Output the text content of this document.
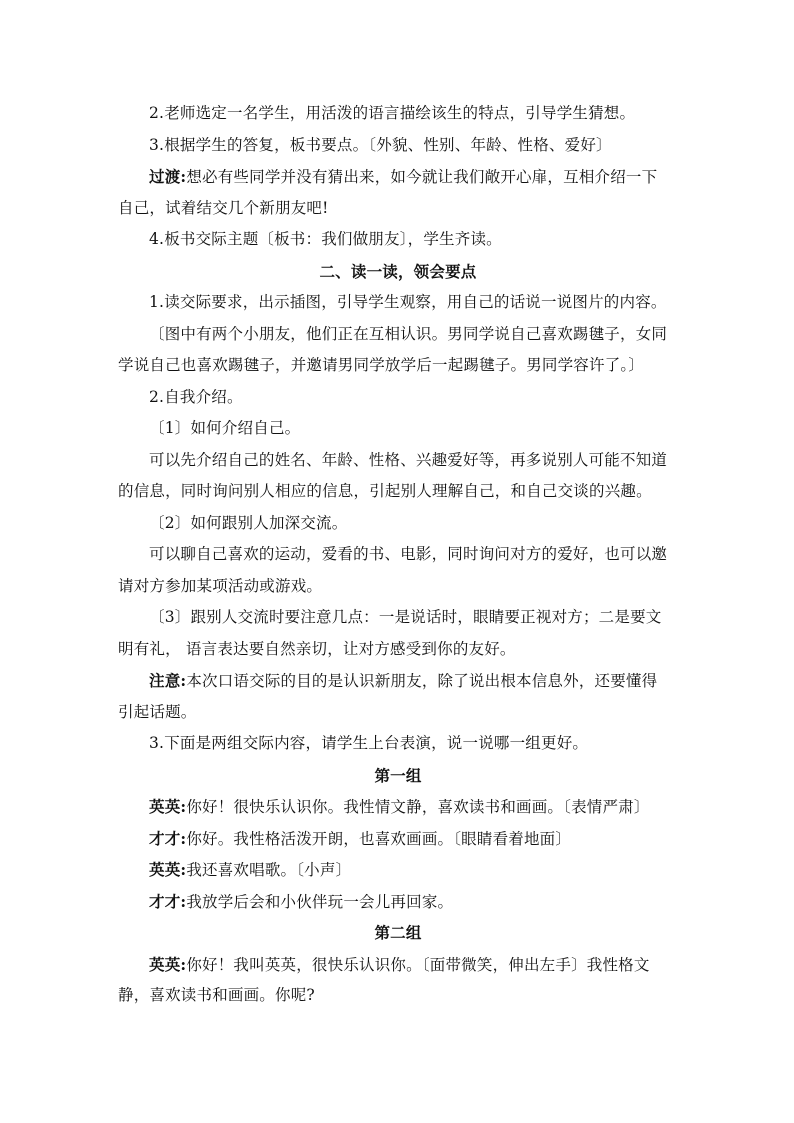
2.老师选定一名学生，用活泼的语言描绘该生的特点，引导学生猜想。
3.根据学生的答复，板书要点。〔外貌、性别、年龄、性格、爱好〕
过渡:想必有些同学并没有猜出来，如今就让我们敞开心扉，互相介绍一下
自己，试着结交几个新朋友吧!
4.板书交际主题〔板书：我们做朋友〕，学生齐读。
二、读一读，领会要点
1.读交际要求，出示插图，引导学生观察，用自己的话说一说图片的内容。
〔图中有两个小朋友，他们正在互相认识。男同学说自己喜欢踢毽子，女同
学说自己也喜欢踢毽子，并邀请男同学放学后一起踢毽子。男同学容许了。〕
2.自我介绍。
〔1〕如何介绍自己。
可以先介绍自己的姓名、年龄、性格、兴趣爱好等，再多说别人可能不知道
的信息，同时询问别人相应的信息，引起别人理解自己，和自己交谈的兴趣。
〔2〕如何跟别人加深交流。
可以聊自己喜欢的运动，爱看的书、电影，同时询问对方的爱好，也可以邀
请对方参加某项活动或游戏。
〔3〕跟别人交流时要注意几点：一是说话时，眼睛要正视对方；二是要文
明有礼， 语言表达要自然亲切，让对方感受到你的友好。
注意:本次口语交际的目的是认识新朋友，除了说出根本信息外，还要懂得
引起话题。
3.下面是两组交际内容，请学生上台表演，说一说哪一组更好。
第一组
英英:你好！很快乐认识你。我性情文静，喜欢读书和画画。〔表情严肃〕
才才:你好。我性格活泼开朗，也喜欢画画。〔眼睛看着地面〕
英英:我还喜欢唱歌。〔小声〕
才才:我放学后会和小伙伴玩一会儿再回家。
第二组
英英:你好！我叫英英，很快乐认识你。〔面带微笑，伸出左手〕我性格文
静，喜欢读书和画画。你呢?
